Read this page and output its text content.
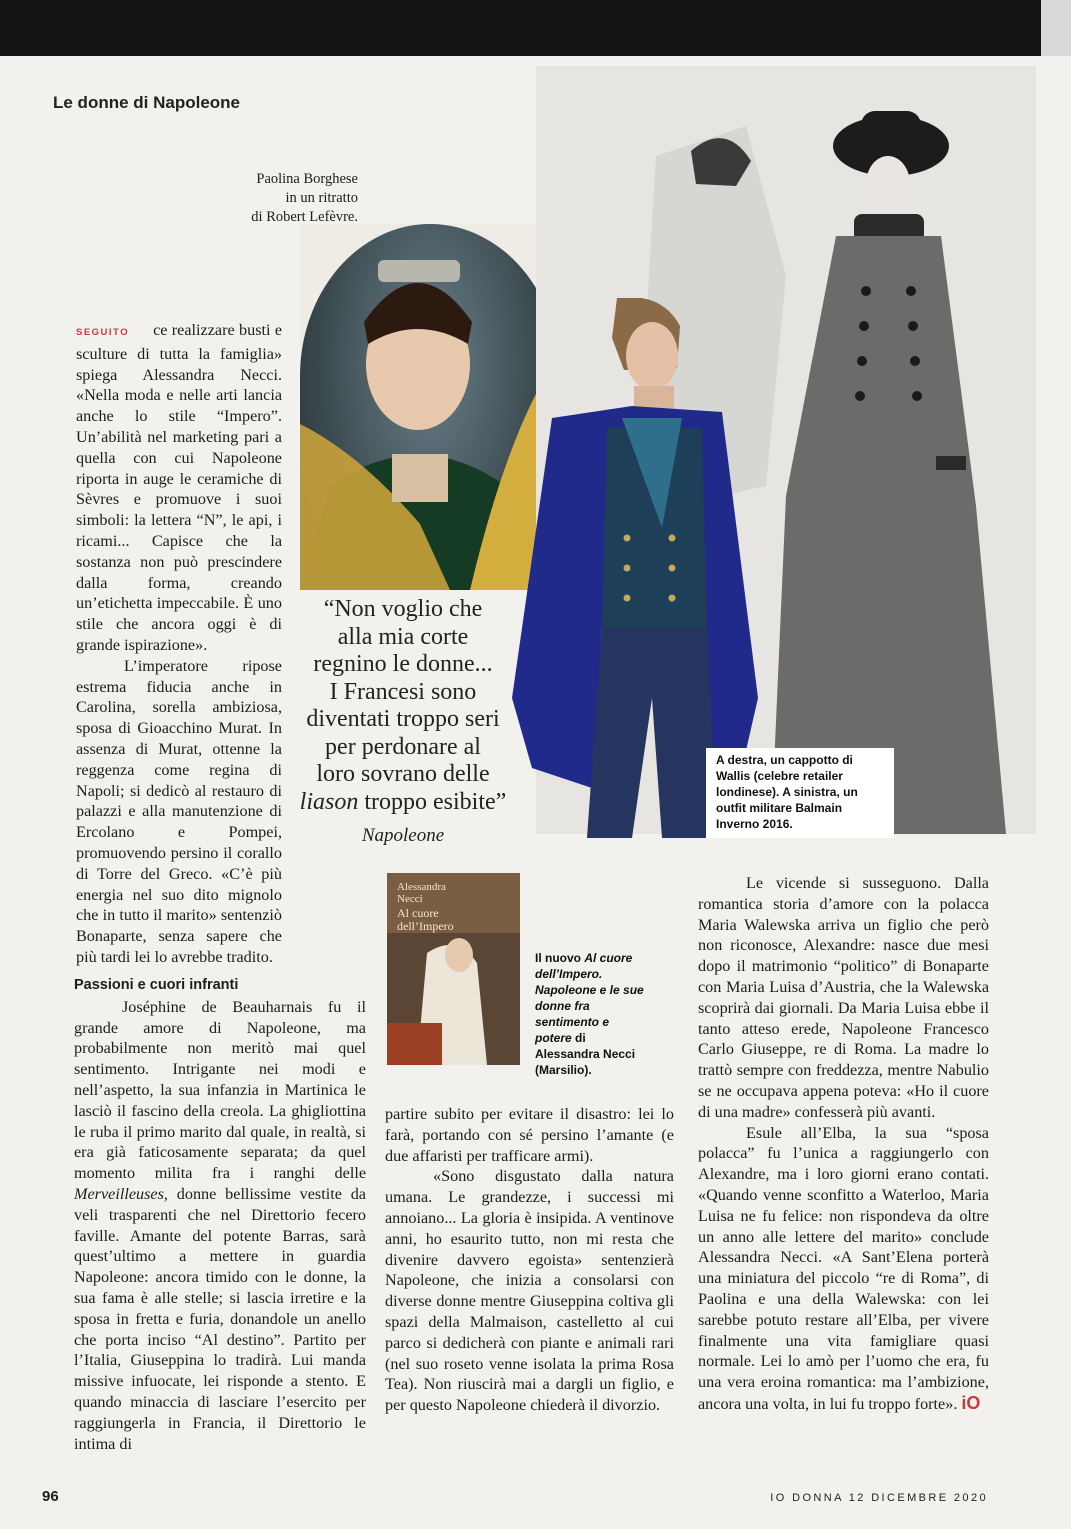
Le donne di Napoleone
Paolina Borghese
in un ritratto
di Robert Lefèvre.
A destra, un cappotto di Wallis (celebre retailer londinese). A sinistra, un outfit militare Balmain Inverno 2016.
“Non voglio che
alla mia corte
regnino le donne...
I Francesi sono
diventati troppo seri
per perdonare al
loro sovrano delle
liason troppo esibite”
Napoleone

SEGUITO ce realizzare busti e sculture di tutta la famiglia» spiega Alessandra Necci. «Nella moda e nelle arti lancia anche lo stile “Impero”. Un’abilità nel marketing pari a quella con cui Napoleone riporta in auge le ceramiche di Sèvres e promuove i suoi simboli: la lettera “N”, le api, i ricami... Capisce che la sostanza non può prescindere dalla forma, creando un’etichetta impeccabile. È uno stile che ancora oggi è di grande ispirazione».

L’imperatore ripose estrema fiducia anche in Carolina, sorella ambiziosa, sposa di Gioacchino Murat. In assenza di Murat, ottenne la reggenza come regina di Napoli; si dedicò al restauro di palazzi e alla manutenzione di Ercolano e Pompei, promuovendo persino il corallo di Torre del Greco. «C’è più energia nel suo dito mignolo che in tutto il marito» sentenziò Bonaparte, senza sapere che più tardi lei lo avrebbe tradito.

Passioni e cuori infranti

Joséphine de Beauharnais fu il grande amore di Napoleone, ma probabilmente non meritò mai quel sentimento. Intrigante nei modi e nell’aspetto, la sua infanzia in Martinica le lasciò il fascino della creola. La ghigliottina le ruba il primo marito dal quale, in realtà, si era già faticosamente separata; da quel momento milita fra i ranghi delle Merveilleuses, donne bellissime vestite da veli trasparenti che nel Direttorio fecero faville. Amante del potente Barras, sarà quest’ultimo a mettere in guardia Napoleone: ancora timido con le donne, la sua fama è alle stelle; si lascia irretire e la sposa in fretta e furia, donandole un anello che porta inciso “Al destino”. Partito per l’Italia, Giuseppina lo tradirà. Lui manda missive infuocate, lei risponde a stento. E quando minaccia di lasciare l’esercito per raggiungerla in Francia, il Direttorio le intima di

Alessandra
Necci
Al cuore
dell’Impero
Il nuovo Al cuore dell’Impero. Napoleone e le sue donne fra sentimento e potere di Alessandra Necci (Marsilio).

partire subito per evitare il disastro: lei lo farà, portando con sé persino l’amante (e due affaristi per trafficare armi).

«Sono disgustato dalla natura umana. Le grandezze, i successi mi annoiano... La gloria è insipida. A ventinove anni, ho esaurito tutto, non mi resta che divenire davvero egoista» sentenzierà Napoleone, che inizia a consolarsi con diverse donne mentre Giuseppina coltiva gli spazi della Malmaison, castelletto al cui parco si dedicherà con piante e animali rari (nel suo roseto venne isolata la prima Rosa Tea). Non riuscirà mai a dargli un figlio, e per questo Napoleone chiederà il divorzio.

Le vicende si susseguono. Dalla romantica storia d’amore con la polacca Maria Walewska arriva un figlio che però non riconosce, Alexandre: nasce due mesi dopo il matrimonio “politico” di Bonaparte con Maria Luisa d’Austria, che la Walewska scoprirà dai giornali. Da Maria Luisa ebbe il tanto atteso erede, Napoleone Francesco Carlo Giuseppe, re di Roma. La madre lo trattò sempre con freddezza, mentre Nabulio se ne occupava appena poteva: «Ho il cuore di una madre» confesserà più avanti.

Esule all’Elba, la sua “sposa polacca” fu l’unica a raggiungerlo con Alexandre, ma i loro giorni erano contati. «Quando venne sconfitto a Waterloo, Maria Luisa ne fu felice: non rispondeva da oltre un anno alle lettere del marito» conclude Alessandra Necci. «A Sant’Elena porterà una miniatura del piccolo “re di Roma”, di Paolina e una della Walewska: con lei sarebbe potuto restare all’Elba, per vivere finalmente una vita famigliare quasi normale. Lei lo amò per l’uomo che era, fu una vera eroina romantica: ma l’ambizione, ancora una volta, in lui fu troppo forte». iO

96	IO DONNA 12 DICEMBRE 2020
